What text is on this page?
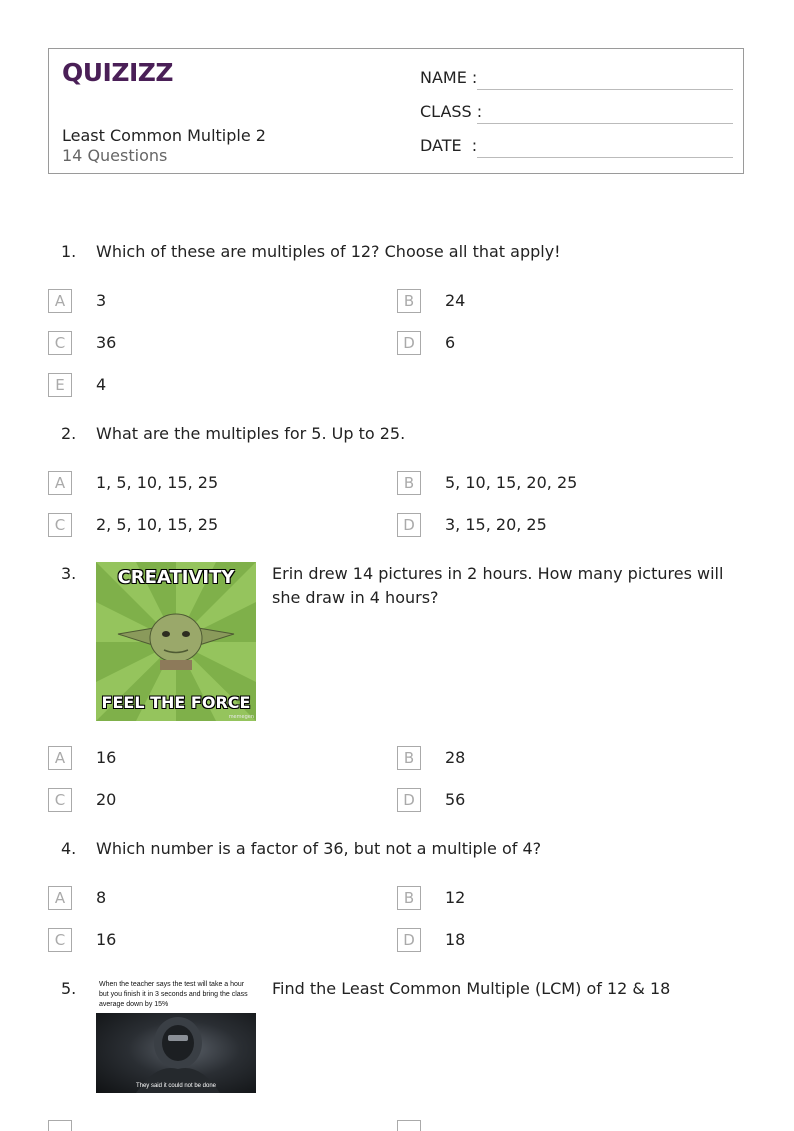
QUIZIZZ
Least Common Multiple 2
14 Questions
NAME :
CLASS :
DATE  :
1. Which of these are multiples of 12? Choose all that apply!
A	3	B	24
C	36	D	6
E	4
2. What are the multiples for 5. Up to 25.
A	1, 5, 10, 15, 25	B	5, 10, 15, 20, 25
C	2, 5, 10, 15, 25	D	3, 15, 20, 25
3.	CREATIVITY
FEEL THE FORCE
memegen
Erin drew 14 pictures in 2 hours. How many pictures will she draw in 4 hours?
A	16	B	28
C	20	D	56
4. Which number is a factor of 36, but not a multiple of 4?
A	8	B	12
C	16	D	18
5.	When the teacher says the test will take a hour but you finish it in 3 seconds and bring the class average down by 15%
They said it could not be done
Find the Least Common Multiple (LCM) of 12 & 18
